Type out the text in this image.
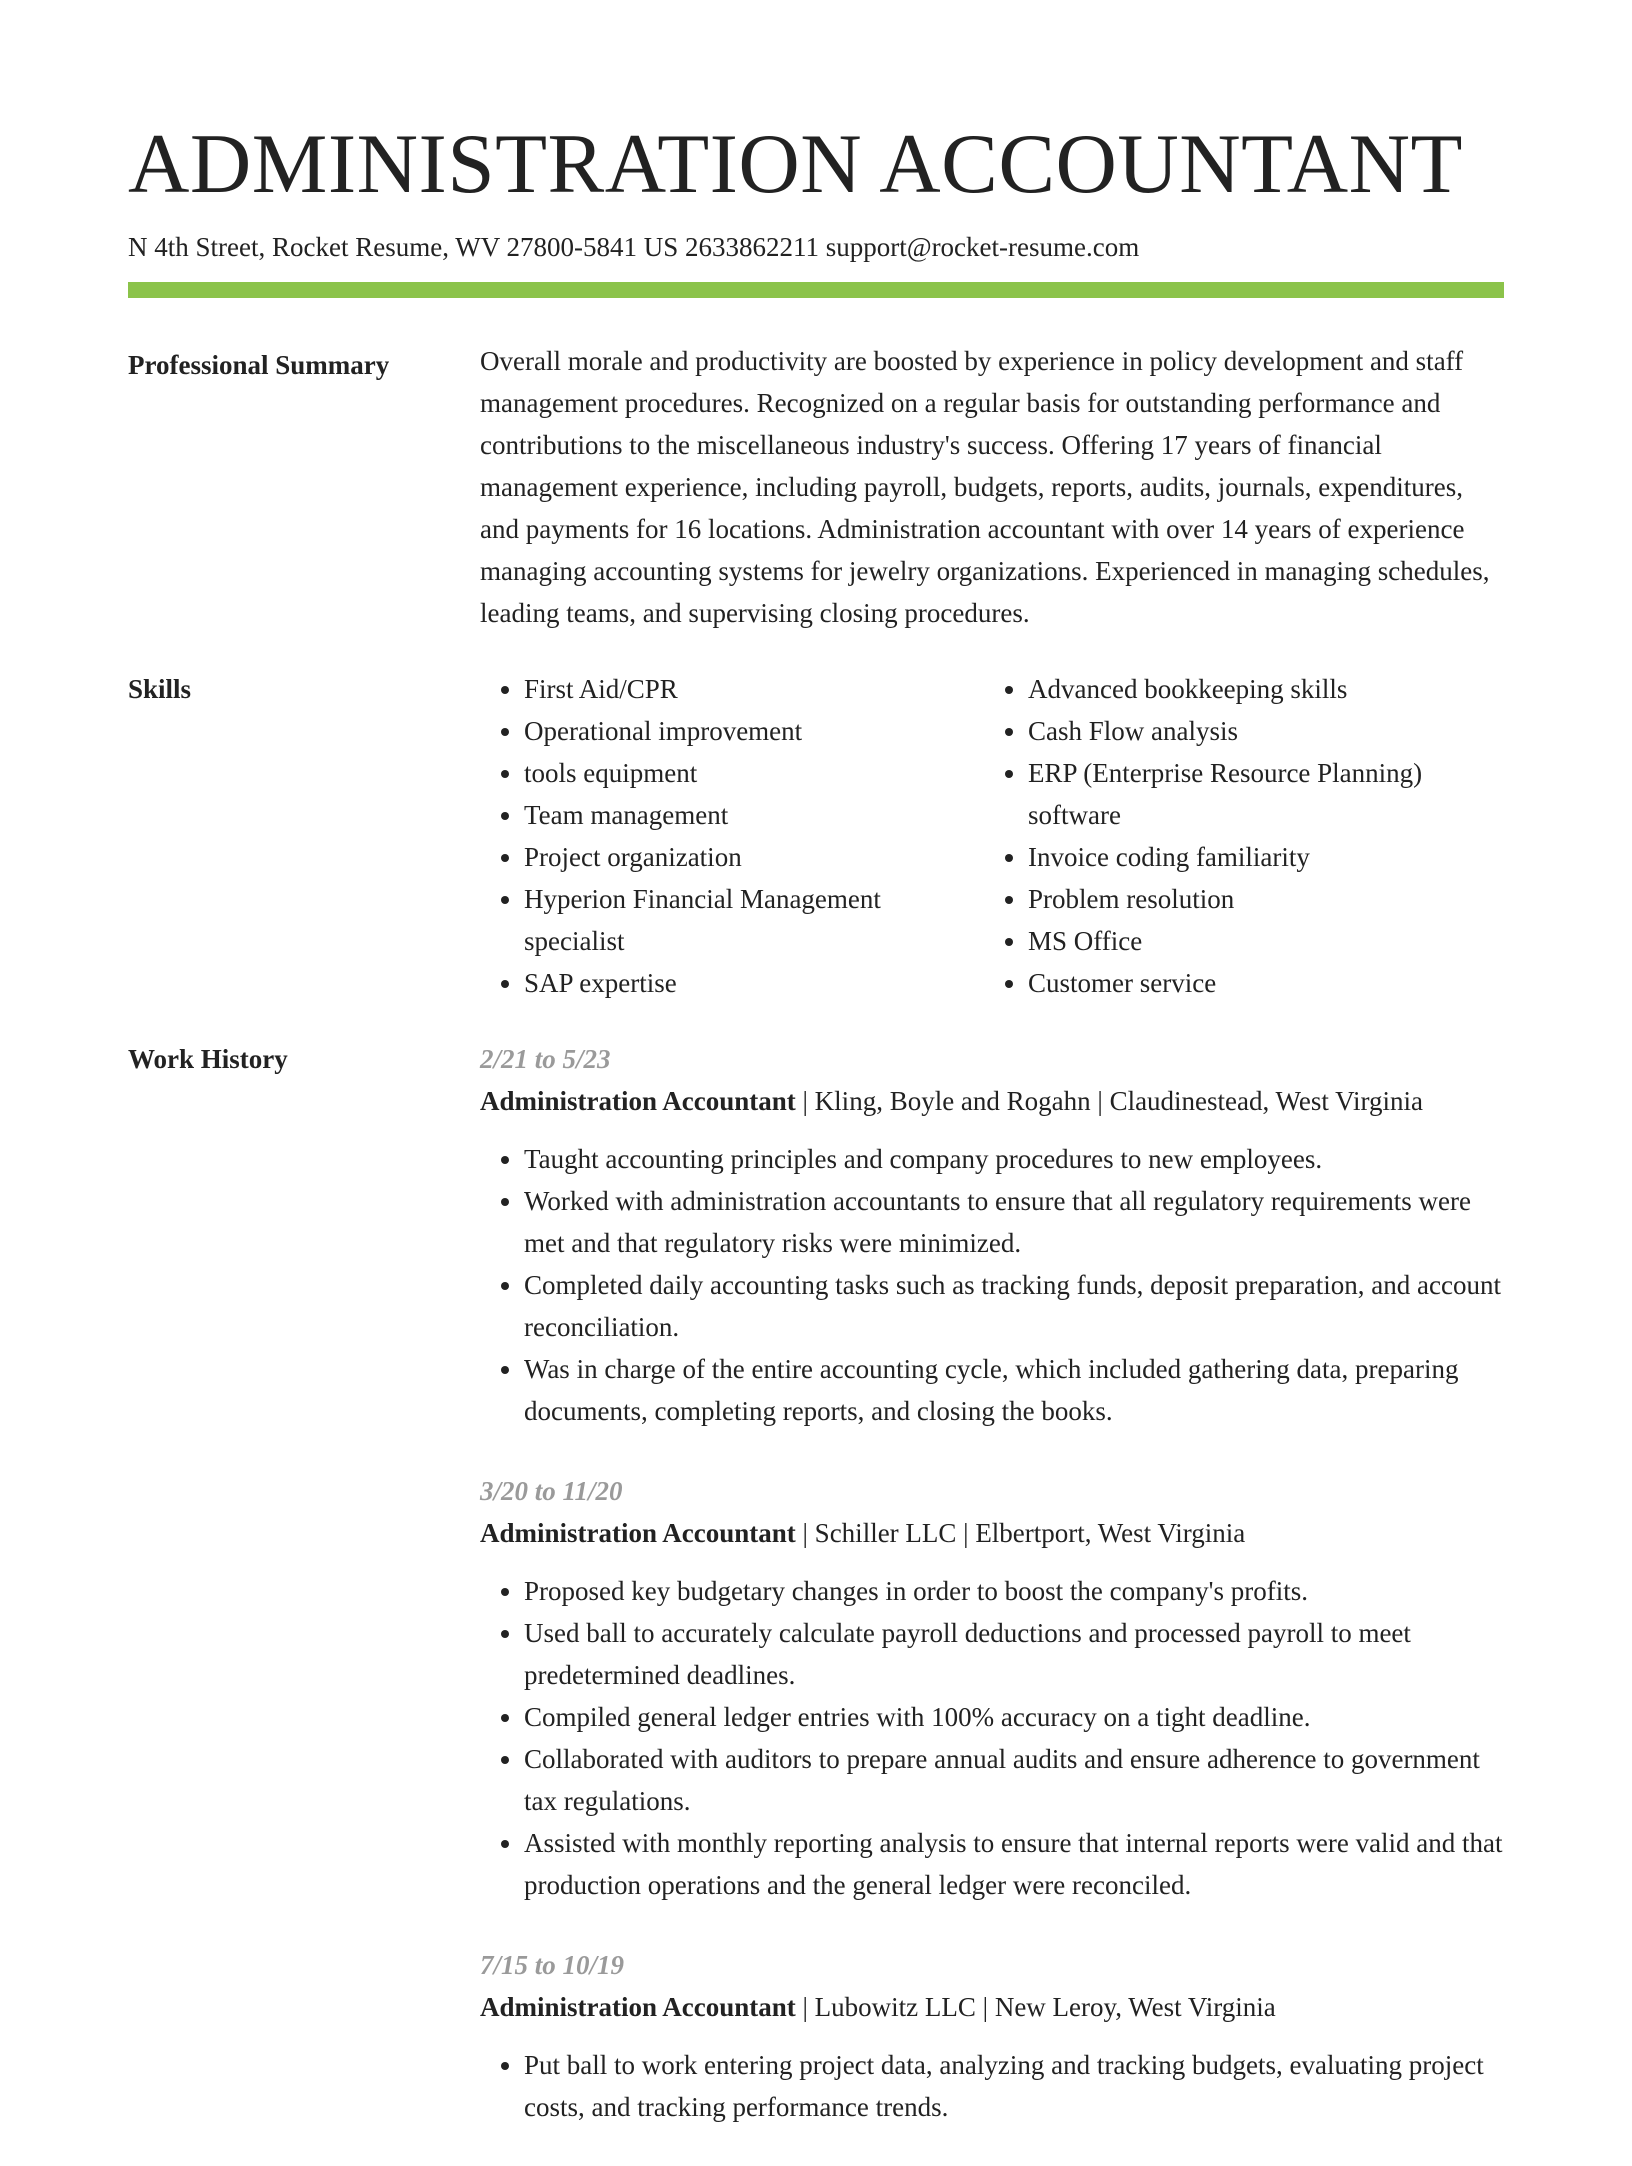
ADMINISTRATION ACCOUNTANT
N 4th Street, Rocket Resume, WV 27800-5841 US 2633862211 support@rocket-resume.com
Professional Summary	Overall morale and productivity are boosted by experience in policy development and staff management procedures. Recognized on a regular basis for outstanding performance and contributions to the miscellaneous industry's success. Offering 17 years of financial management experience, including payroll, budgets, reports, audits, journals, expenditures, and payments for 16 locations. Administration accountant with over 14 years of experience managing accounting systems for jewelry organizations. Experienced in managing schedules, leading teams, and supervising closing procedures.

Skills
•	First Aid/CPR
• Operational improvement
• tools equipment
• Team management
• Project organization
• Hyperion Financial Management specialist
• SAP expertise
• Advanced bookkeeping skills
• Cash Flow analysis
• ERP (Enterprise Resource Planning) software
• Invoice coding familiarity
• Problem resolution
• MS Office
• Customer service
Work History	2/21 to 5/23
Administration Accountant | Kling, Boyle and Rogahn | Claudinestead, West Virginia
• Taught accounting principles and company procedures to new employees.
• Worked with administration accountants to ensure that all regulatory requirements were met and that regulatory risks were minimized.
• Completed daily accounting tasks such as tracking funds, deposit preparation, and account reconciliation.
• Was in charge of the entire accounting cycle, which included gathering data, preparing documents, completing reports, and closing the books.
3/20 to 11/20
Administration Accountant | Schiller LLC | Elbertport, West Virginia
• Proposed key budgetary changes in order to boost the company's profits.
• Used ball to accurately calculate payroll deductions and processed payroll to meet predetermined deadlines.
• Compiled general ledger entries with 100% accuracy on a tight deadline.
• Collaborated with auditors to prepare annual audits and ensure adherence to government tax regulations.
• Assisted with monthly reporting analysis to ensure that internal reports were valid and that production operations and the general ledger were reconciled.
7/15 to 10/19
Administration Accountant | Lubowitz LLC | New Leroy, West Virginia
• Put ball to work entering project data, analyzing and tracking budgets, evaluating project costs, and tracking performance trends.
